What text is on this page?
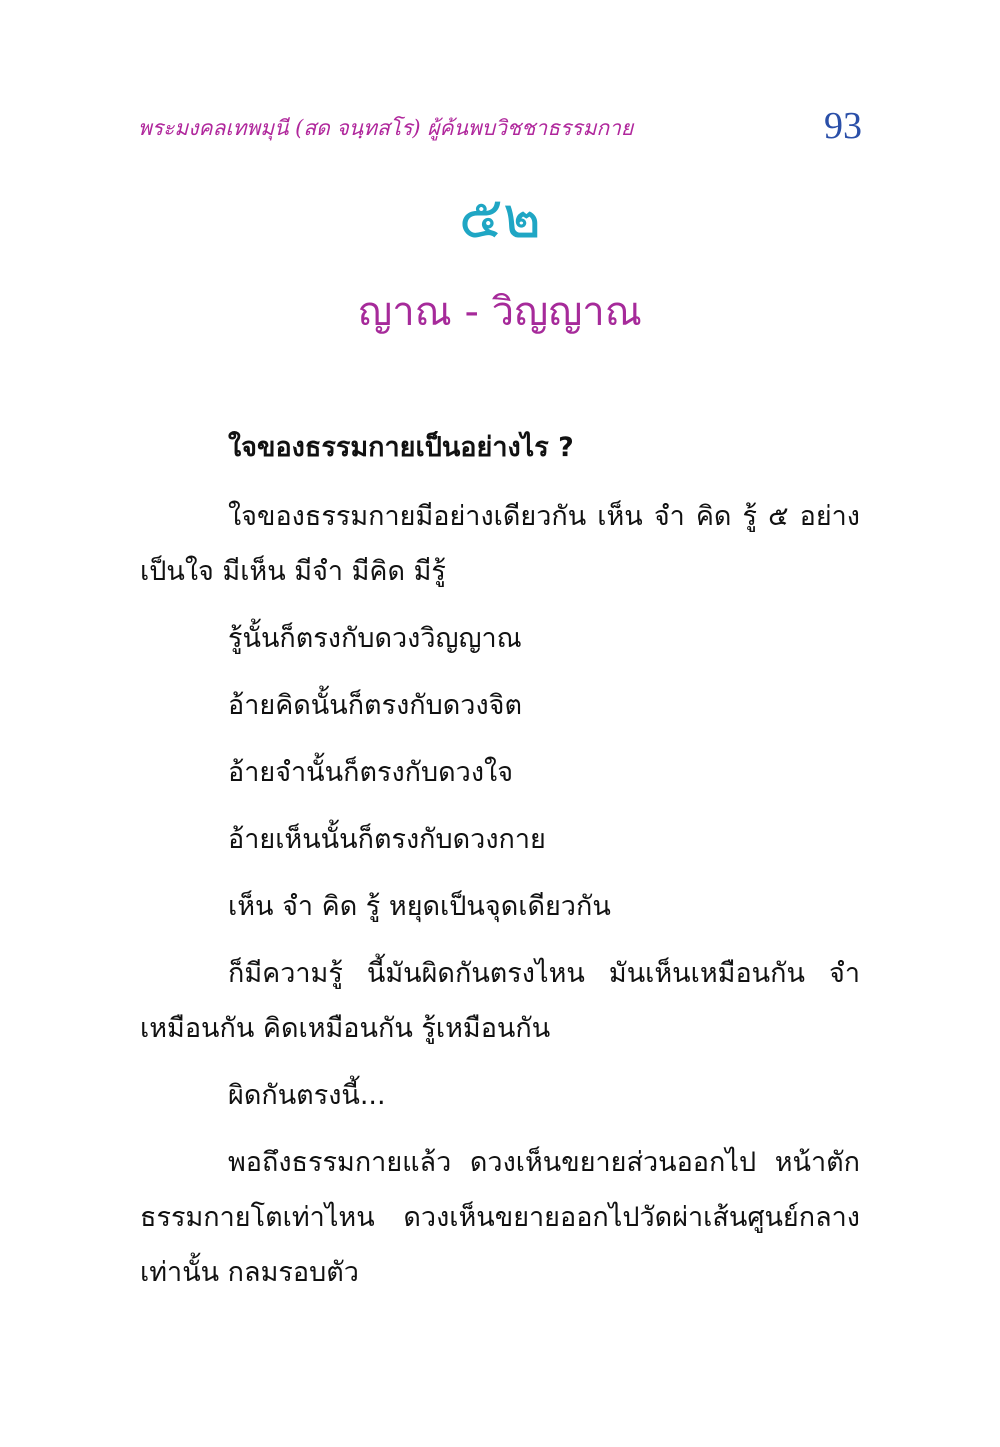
พระมงคลเทพมุนี (สด จนฺทสโร) ผู้ค้นพบวิชชาธรรมกาย	93
๕๒
ญาณ - วิญญาณ

ใจของธรรมกายเป็นอย่างไร ?

ใจของธรรมกายมีอย่างเดียวกัน เห็น จำ คิด รู้ ๕ อย่าง เป็นใจ มีเห็น มีจำ มีคิด มีรู้

รู้นั้นก็ตรงกับดวงวิญญาณ

อ้ายคิดนั้นก็ตรงกับดวงจิต

อ้ายจำนั้นก็ตรงกับดวงใจ

อ้ายเห็นนั้นก็ตรงกับดวงกาย

เห็น จำ คิด รู้ หยุดเป็นจุดเดียวกัน

ก็มีความรู้ นี้มันผิดกันตรงไหน มันเห็นเหมือนกัน จำเหมือนกัน คิดเหมือนกัน รู้เหมือนกัน

ผิดกันตรงนี้...

พอถึงธรรมกายแล้ว ดวงเห็นขยายส่วนออกไป หน้าตักธรรมกายโตเท่าไหน ดวงเห็นขยายออกไปวัดผ่าเส้นศูนย์กลางเท่านั้น กลมรอบตัว
